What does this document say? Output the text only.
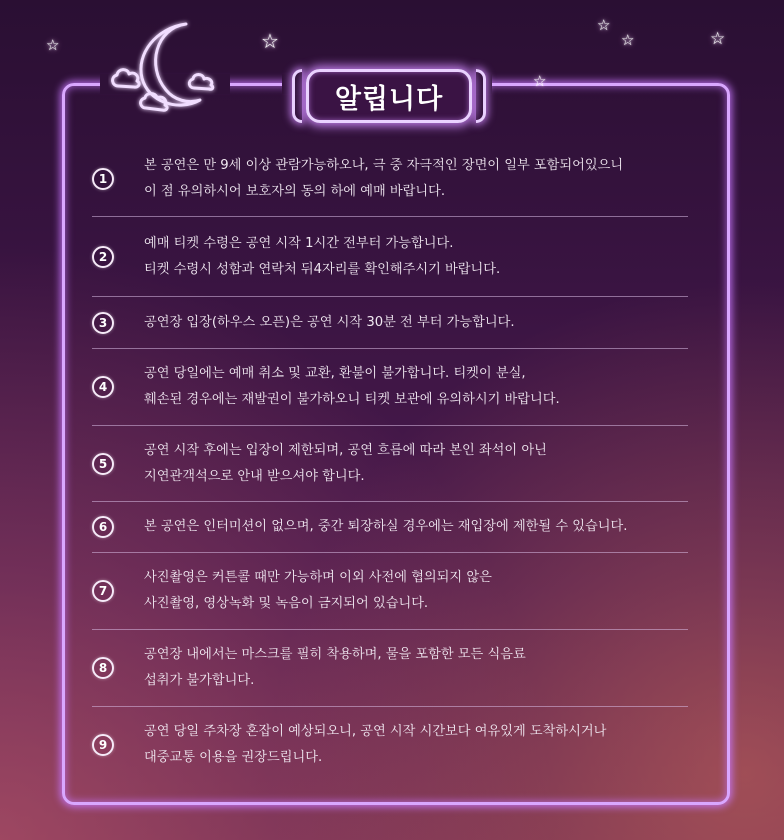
알립니다
☆	☆
☆
☆
☆	☆
1
본 공연은 만 9세 이상 관람가능하오나, 극 중 자극적인 장면이 일부 포함되어있으니
이 점 유의하시어 보호자의 동의 하에 예매 바랍니다.
2
예매 티켓 수령은 공연 시작 1시간 전부터 가능합니다.
티켓 수령시 성함과 연락처 뒤4자리를 확인해주시기 바랍니다.
3	공연장 입장(하우스 오픈)은 공연 시작 30분 전 부터 가능합니다.
4
공연 당일에는 예매 취소 및 교환, 환불이 불가합니다. 티켓이 분실,
훼손된 경우에는 재발권이 불가하오니 티켓 보관에 유의하시기 바랍니다.
5
공연 시작 후에는 입장이 제한되며, 공연 흐름에 따라 본인 좌석이 아닌
지연관객석으로 안내 받으셔야 합니다.
6	본 공연은 인터미션이 없으며, 중간 퇴장하실 경우에는 재입장에 제한될 수 있습니다.
7
사진촬영은 커튼콜 때만 가능하며 이외 사전에 협의되지 않은
사진촬영, 영상녹화 및 녹음이 금지되어 있습니다.
8
공연장 내에서는 마스크를 필히 착용하며, 물을 포함한 모든 식음료
섭취가 불가합니다.
9
공연 당일 주차장 혼잡이 예상되오니, 공연 시작 시간보다 여유있게 도착하시거나
대중교통 이용을 권장드립니다.
